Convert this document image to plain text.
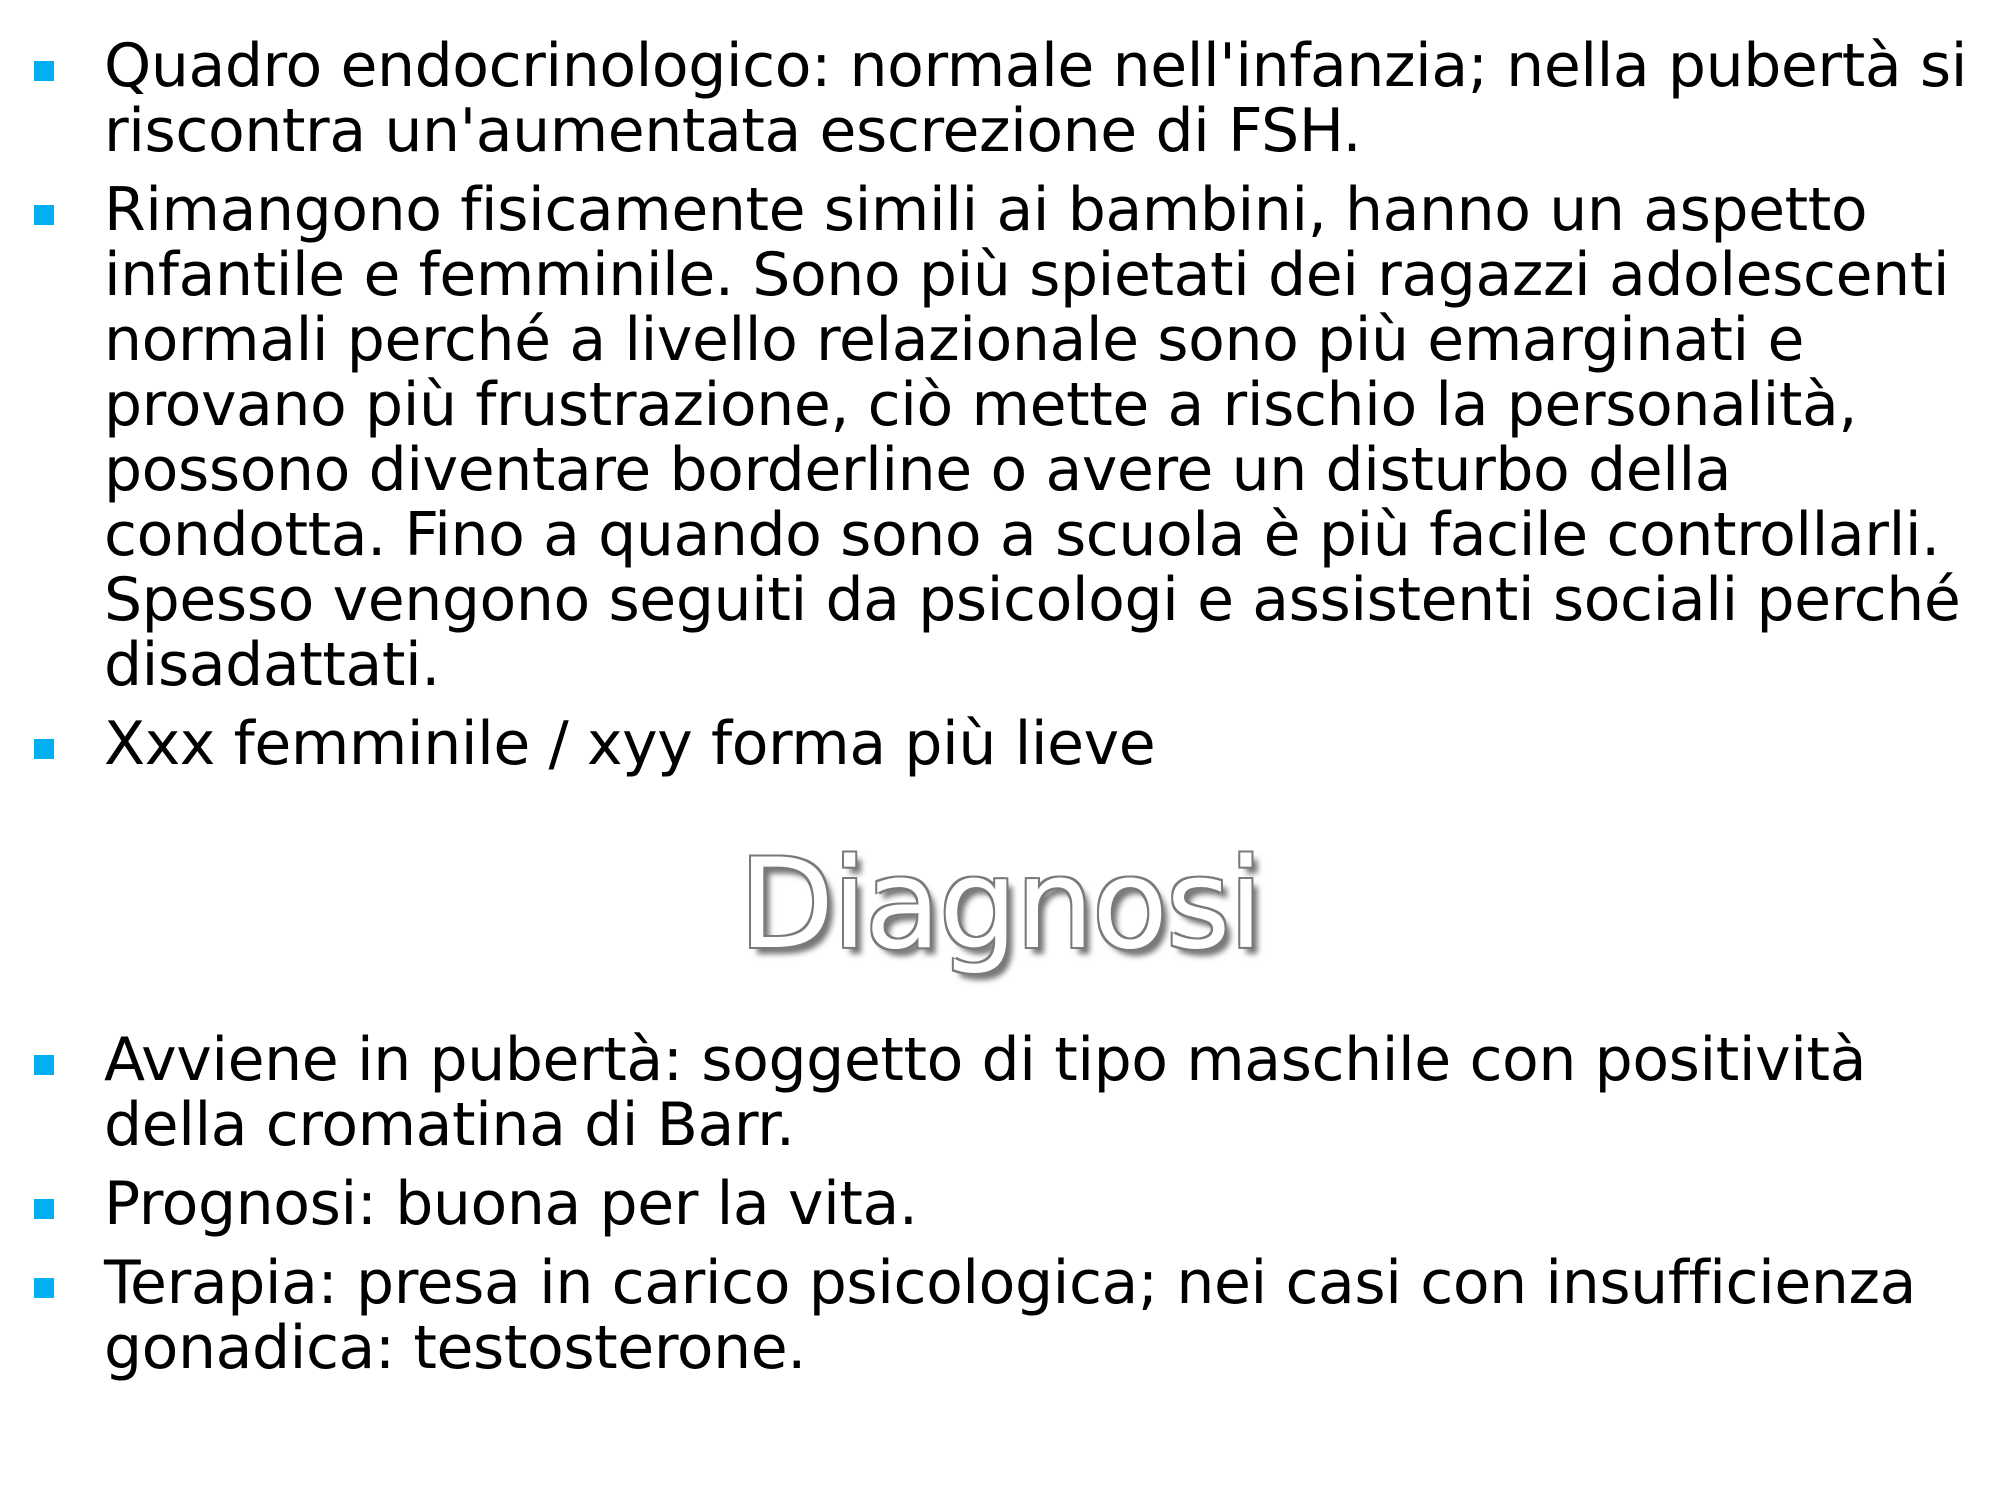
Quadro endocrinologico: normale nell'infanzia; nella pubertà si riscontra un'aumentata escrezione di FSH.
Rimangono fisicamente simili ai bambini, hanno un aspetto infantile e femminile. Sono più spietati dei ragazzi adolescenti normali perché a livello relazionale sono più emarginati e provano più frustrazione, ciò mette a rischio la personalità, possono diventare borderline o avere un disturbo della condotta. Fino a quando sono a scuola è più facile controllarli. Spesso vengono seguiti da psicologi e assistenti sociali perché disadattati.
Xxx femminile / xyy forma più lieve
Diagnosi
Avviene in pubertà: soggetto di tipo maschile con positività della cromatina di Barr.
Prognosi: buona per la vita.
Terapia: presa in carico psicologica; nei casi con insufficienza gonadica: testosterone.
